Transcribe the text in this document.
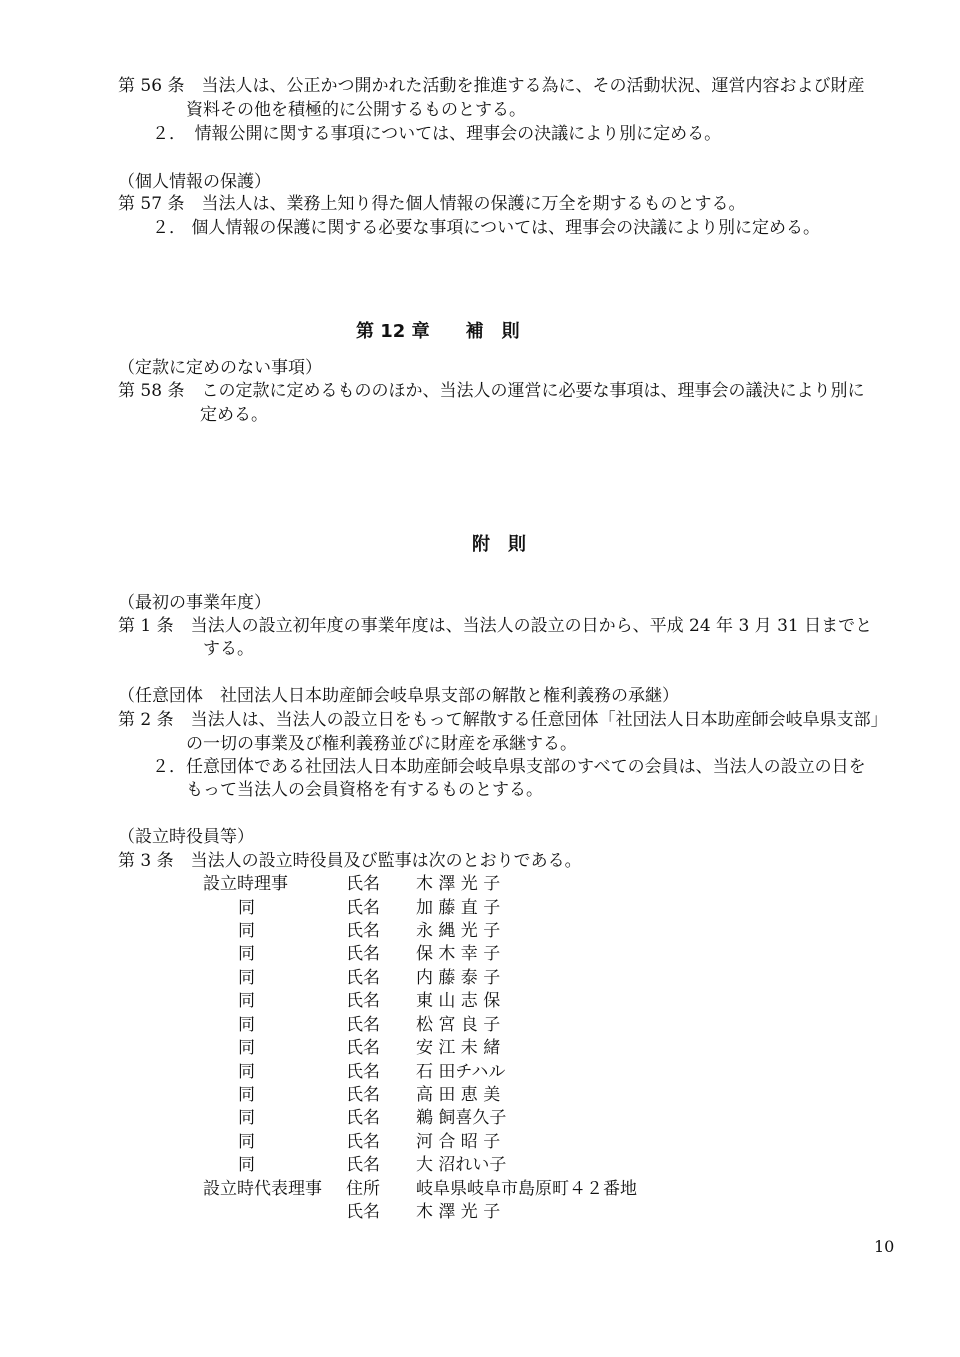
第 56 条　当法人は、公正かつ開かれた活動を推進する為に、その活動状況、運営内容および財産
資料その他を積極的に公開するものとする。
２．　情報公開に関する事項については、理事会の決議により別に定める。
（個人情報の保護）
第 57 条　当法人は、業務上知り得た個人情報の保護に万全を期するものとする。
２． 個人情報の保護に関する必要な事項については、理事会の決議により別に定める。
第 12 章　　補　則
（定款に定めのない事項）
第 58 条　この定款に定めるもののほか、当法人の運営に必要な事項は、理事会の議決により別に
定める。
附　則
（最初の事業年度）
第 1 条　当法人の設立初年度の事業年度は、当法人の設立の日から、平成 24 年 3 月 31 日までと
する。
（任意団体　社団法人日本助産師会岐阜県支部の解散と権利義務の承継）
第 2 条　当法人は、当法人の設立日をもって解散する任意団体「社団法人日本助産師会岐阜県支部」
の一切の事業及び権利義務並びに財産を承継する。
２．任意団体である社団法人日本助産師会岐阜県支部のすべての会員は、当法人の設立の日を
もって当法人の会員資格を有するものとする。
（設立時役員等）
第 3 条　当法人の設立時役員及び監事は次のとおりである。
設立時理事	氏名 木 澤 光 子
同	氏名 加 藤 直 子
同	氏名 永 縄 光 子
同	氏名 保 木 幸 子
同	氏名 内 藤 泰 子
同	氏名 東 山 志 保
同	氏名 松 宮 良 子
同	氏名 安 江 未 緒
同	氏名 石 田チハル
同	氏名 高 田 恵 美
同	氏名 鵜 飼喜久子
同	氏名 河 合 昭 子
同	氏名 大 沼れい子
設立時代表理事 住所 岐阜県岐阜市島原町４２番地
氏名 木 澤 光 子
10
